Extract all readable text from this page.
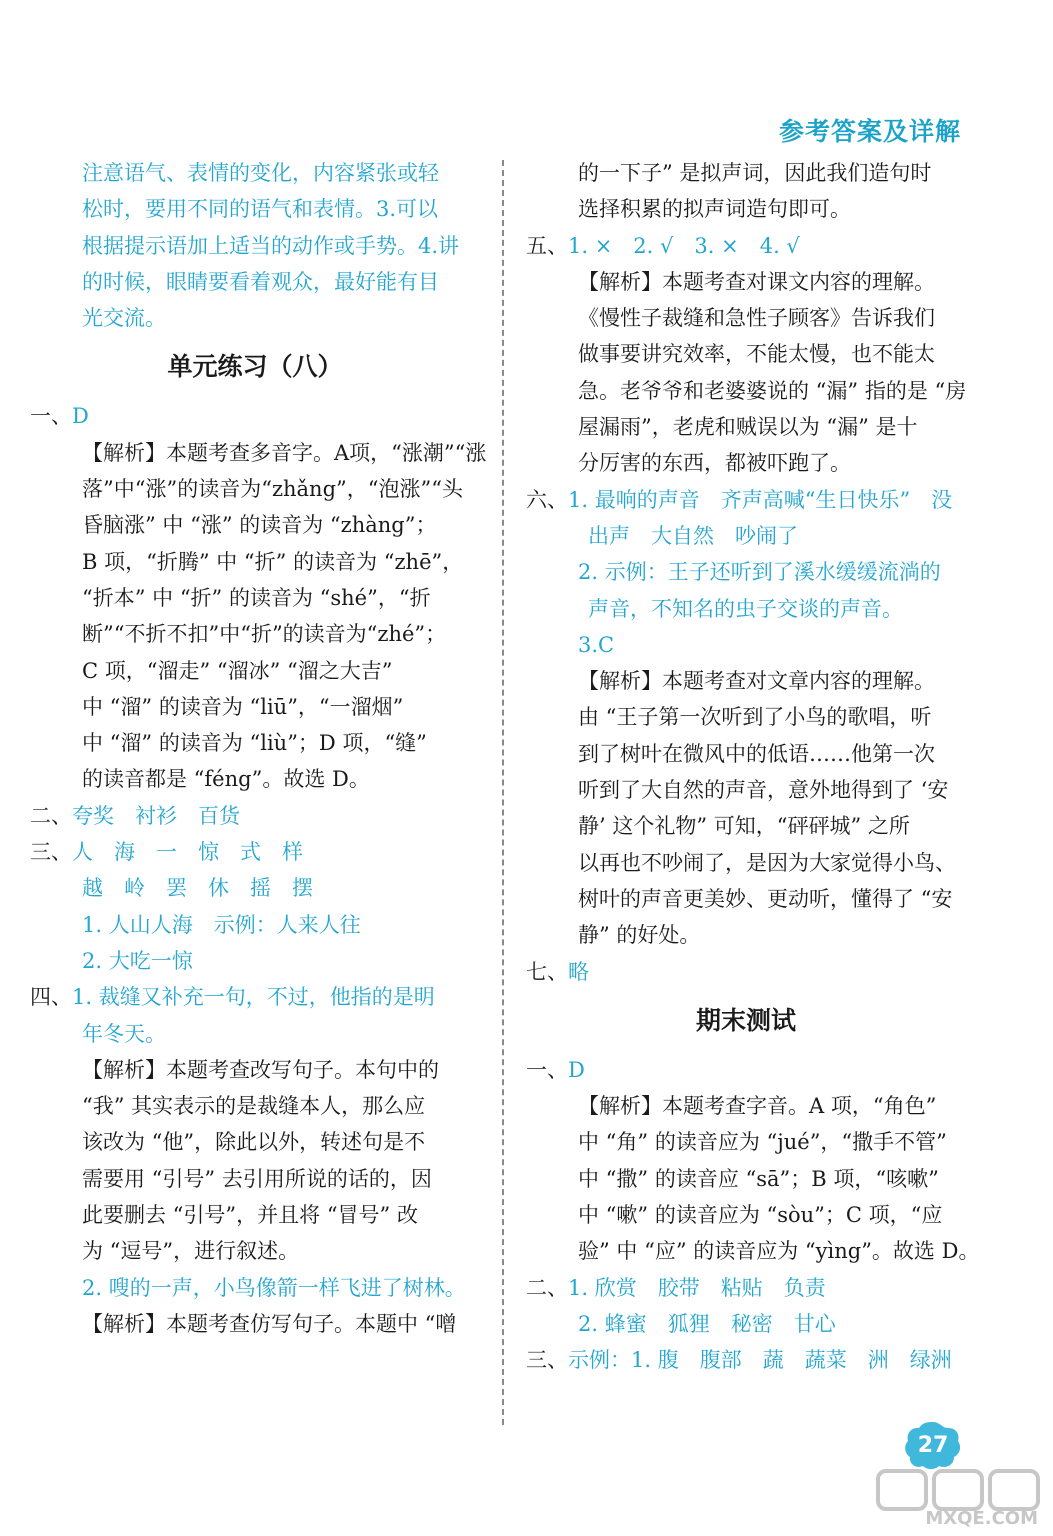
参考答案及详解
注意语气、表情的变化，内容紧张或轻
松时，要用不同的语气和表情。3.可以
根据提示语加上适当的动作或手势。4.讲
的时候，眼睛要看着观众，最好能有目
光交流。
单元练习（八）
一、D
【解析】本题考查多音字。A项，“涨潮”“涨
落”中“涨”的读音为“zhǎng”，“泡涨”“头
昏脑涨” 中 “涨” 的读音为 “zhàng”；
B 项，“折腾” 中 “折” 的读音为 “zhē”，
“折本” 中 “折” 的读音为 “shé”，“折
断”“不折不扣”中“折”的读音为“zhé”；
C 项，“溜走” “溜冰” “溜之大吉”
中 “溜” 的读音为 “liū”，“一溜烟”
中 “溜” 的读音为 “liù”；D 项，“缝”
的读音都是 “féng”。故选 D。
二、夸奖　衬衫　百货
三、人　海　一　惊　式　样
越　岭　罢　休　摇　摆
1. 人山人海　示例：人来人往
2. 大吃一惊
四、1. 裁缝又补充一句，不过，他指的是明
年冬天。
【解析】本题考查改写句子。本句中的
“我” 其实表示的是裁缝本人，那么应
该改为 “他”，除此以外，转述句是不
需要用 “引号” 去引用所说的话的，因
此要删去 “引号”，并且将 “冒号” 改
为 “逗号”，进行叙述。
2. 嗖的一声，小鸟像箭一样飞进了树林。
【解析】本题考查仿写句子。本题中 “噌
的一下子” 是拟声词，因此我们造句时
选择积累的拟声词造句即可。
五、1. ×　2. √　3. ×　4. √
【解析】本题考查对课文内容的理解。
《慢性子裁缝和急性子顾客》告诉我们
做事要讲究效率，不能太慢，也不能太
急。老爷爷和老婆婆说的 “漏” 指的是 “房
屋漏雨”，老虎和贼误以为 “漏” 是十
分厉害的东西，都被吓跑了。
六、1. 最响的声音　齐声高喊“生日快乐”　没
出声　大自然　吵闹了
2. 示例：王子还听到了溪水缓缓流淌的
声音，不知名的虫子交谈的声音。
3.C
【解析】本题考查对文章内容的理解。
由 “王子第一次听到了小鸟的歌唱，听
到了树叶在微风中的低语……他第一次
听到了大自然的声音，意外地得到了 ‘安
静’ 这个礼物” 可知，“砰砰城” 之所
以再也不吵闹了，是因为大家觉得小鸟、
树叶的声音更美妙、更动听，懂得了 “安
静” 的好处。
七、略
期末测试
一、D
【解析】本题考查字音。A 项，“角色”
中 “角” 的读音应为 “jué”，“撒手不管”
中 “撒” 的读音应 “sā”；B 项，“咳嗽”
中 “嗽” 的读音应为 “sòu”；C 项，“应
验” 中 “应” 的读音应为 “yìng”。故选 D。
二、1. 欣赏　胶带　粘贴　负责
2. 蜂蜜　狐狸　秘密　甘心
三、示例：1. 腹　腹部　蔬　蔬菜　洲　绿洲
27
MXQE.COM
